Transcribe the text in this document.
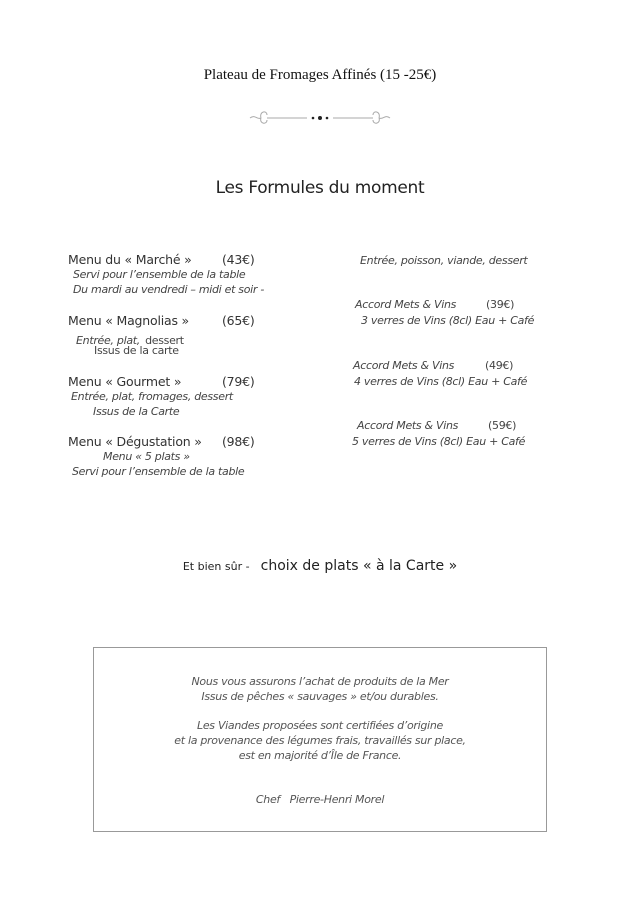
Plateau de Fromages Affinés (15 -25€)
Les Formules du moment
Menu du « Marché » (43€)
Servi pour l’ensemble de la table
Du mardi au vendredi – midi et soir -
Menu « Magnolias »	(65€)
Entrée, plat, dessert
Issus de la carte
Menu « Gourmet »	(79€)
Entrée, plat, fromages, dessert
Issus de la Carte
Menu « Dégustation » (98€)
Menu « 5 plats »
Servi pour l’ensemble de la table
Entrée, poisson, viande, dessert
Accord Mets & Vins	(39€)
3 verres de Vins (8cl) Eau + Café
Accord Mets & Vins	(49€)
4 verres de Vins (8cl) Eau + Café
Accord Mets & Vins	(59€)
5 verres de Vins (8cl) Eau + Café
Et bien sûr - choix de plats « à la Carte »
Nous vous assurons l’achat de produits de la Mer
Issus de pêches « sauvages » et/ou durables.
Les Viandes proposées sont certifiées d’origine
et la provenance des légumes frais, travaillés sur place,
est en majorité d’Île de France.
Chef   Pierre-Henri Morel
